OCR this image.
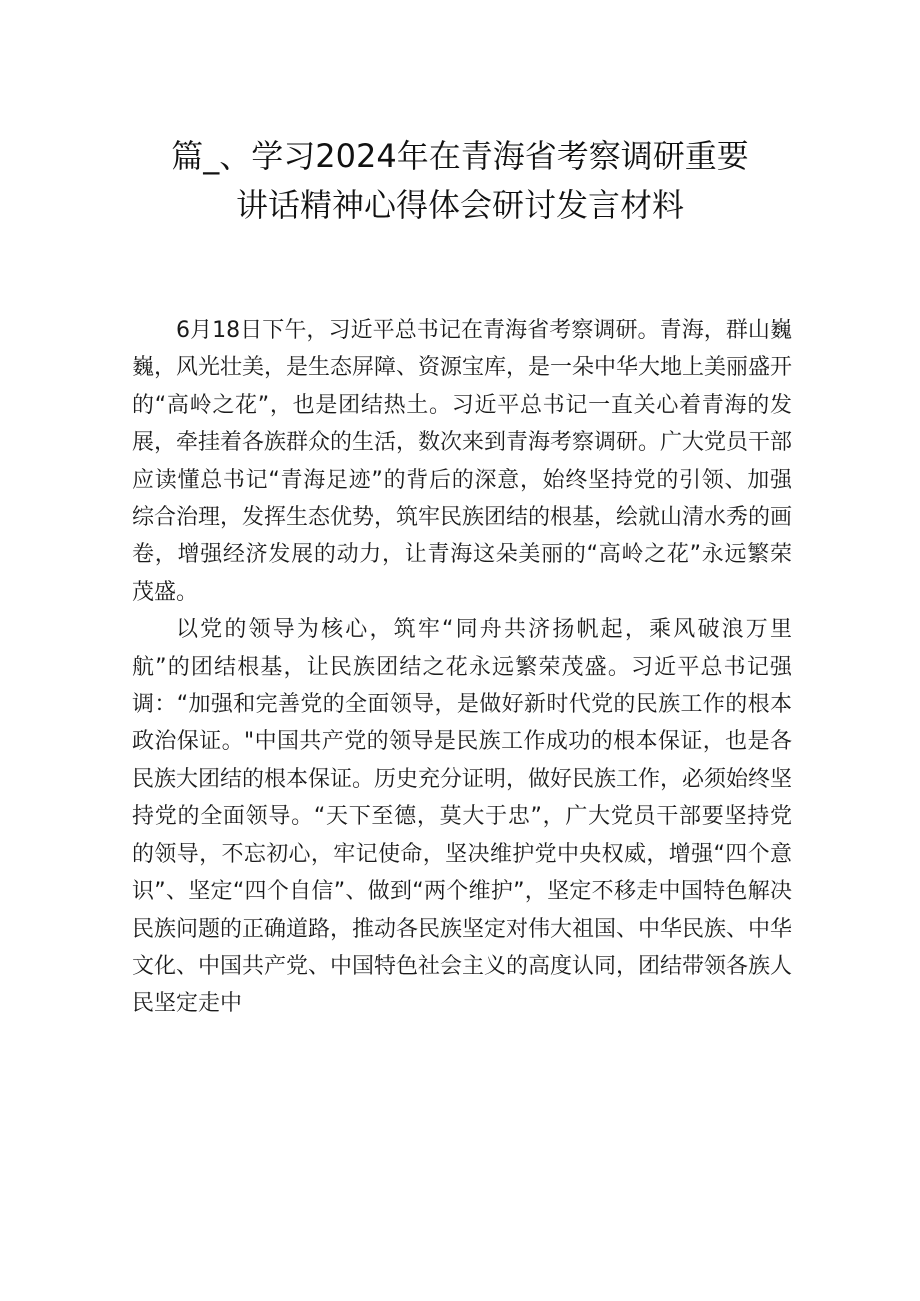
篇_、学习2024年在青海省考察调研重要
讲话精神心得体会研讨发言材料

6月18日下午，习近平总书记在青海省考察调研。青海，群山巍巍，风光壮美，是生态屏障、资源宝库，是一朵中华大地上美丽盛开的“高岭之花”，也是团结热土。习近平总书记一直关心着青海的发展，牵挂着各族群众的生活，数次来到青海考察调研。广大党员干部应读懂总书记“青海足迹”的背后的深意，始终坚持党的引领、加强综合治理，发挥生态优势，筑牢民族团结的根基，绘就山清水秀的画卷，增强经济发展的动力，让青海这朵美丽的“高岭之花”永远繁荣茂盛。

以党的领导为核心，筑牢“同舟共济扬帆起，乘风破浪万里航”的团结根基，让民族团结之花永远繁荣茂盛。习近平总书记强调：“加强和完善党的全面领导，是做好新时代党的民族工作的根本政治保证。"中国共产党的领导是民族工作成功的根本保证，也是各民族大团结的根本保证。历史充分证明，做好民族工作，必须始终坚持党的全面领导。“天下至德，莫大于忠”，广大党员干部要坚持党的领导，不忘初心，牢记使命，坚决维护党中央权威，增强“四个意识”、坚定“四个自信”、做到“两个维护”，坚定不移走中国特色解决民族问题的正确道路，推动各民族坚定对伟大祖国、中华民族、中华文化、中国共产党、中国特色社会主义的高度认同，团结带领各族人民坚定走中
